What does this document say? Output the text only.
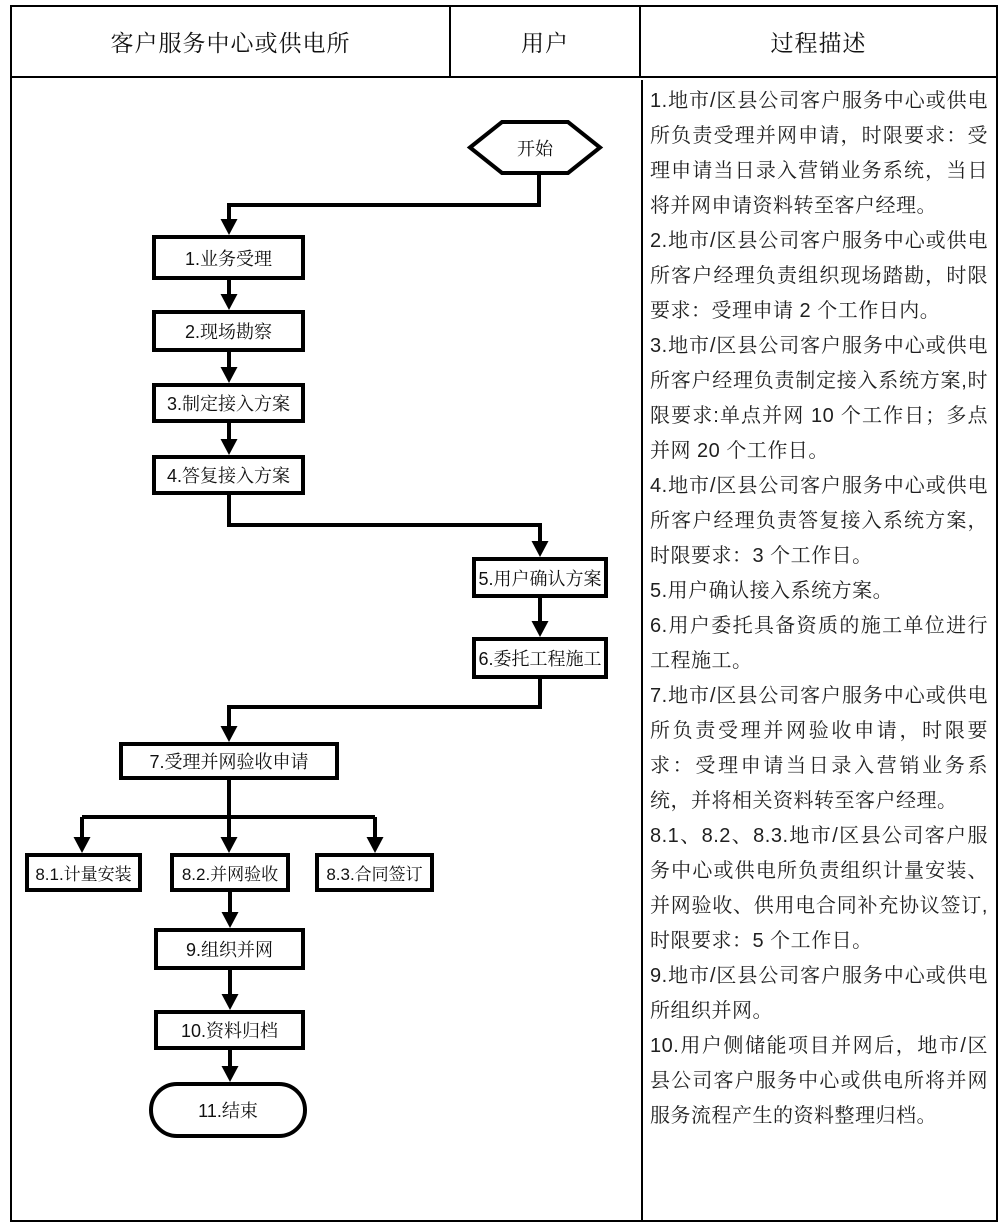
客户服务中心或供电所	用户	过程描述
开始
1.业务受理
2.现场勘察
3.制定接入方案
4.答复接入方案
5.用户确认方案
6.委托工程施工
7.受理并网验收申请
8.1.计量安装	8.2.并网验收	8.3.合同签订
9.组织并网
10.资料归档
11.结束

1.地市/区县公司客户服务中心或供电所负责受理并网申请，时限要求：受理申请当日录入营销业务系统，当日将并网申请资料转至客户经理。

2.地市/区县公司客户服务中心或供电所客户经理负责组织现场踏勘，时限要求：受理申请 2 个工作日内。

3.地市/区县公司客户服务中心或供电所客户经理负责制定接入系统方案,时限要求:单点并网 10 个工作日；多点并网 20 个工作日。

4.地市/区县公司客户服务中心或供电所客户经理负责答复接入系统方案，时限要求：3 个工作日。

5.用户确认接入系统方案。

6.用户委托具备资质的施工单位进行工程施工。

7.地市/区县公司客户服务中心或供电所负责受理并网验收申请，时限要求：受理申请当日录入营销业务系统，并将相关资料转至客户经理。

8.1、8.2、8.3.地市/区县公司客户服务中心或供电所负责组织计量安装、并网验收、供用电合同补充协议签订,时限要求：5 个工作日。

9.地市/区县公司客户服务中心或供电所组织并网。

10.用户侧储能项目并网后，地市/区县公司客户服务中心或供电所将并网服务流程产生的资料整理归档。
